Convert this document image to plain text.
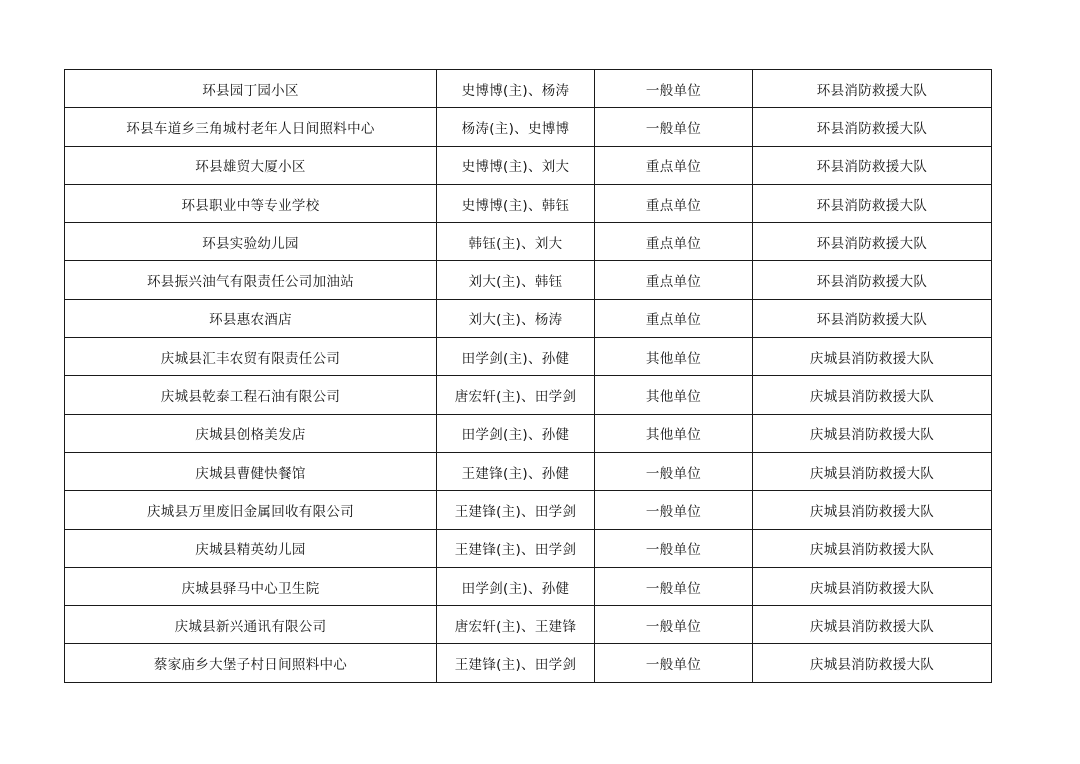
环县园丁园小区	史博博(主)、杨涛	一般单位	环县消防救援大队
环县车道乡三角城村老年人日间照料中心	杨涛(主)、史博博	一般单位	环县消防救援大队
环县雄贸大厦小区	史博博(主)、刘大	重点单位	环县消防救援大队
环县职业中等专业学校	史博博(主)、韩钰	重点单位	环县消防救援大队
环县实验幼儿园	韩钰(主)、刘大	重点单位	环县消防救援大队
环县振兴油气有限责任公司加油站	刘大(主)、韩钰	重点单位	环县消防救援大队
环县惠农酒店	刘大(主)、杨涛	重点单位	环县消防救援大队
庆城县汇丰农贸有限责任公司	田学剑(主)、孙健	其他单位	庆城县消防救援大队
庆城县乾泰工程石油有限公司	唐宏轩(主)、田学剑	其他单位	庆城县消防救援大队
庆城县创格美发店	田学剑(主)、孙健	其他单位	庆城县消防救援大队
庆城县曹健快餐馆	王建锋(主)、孙健	一般单位	庆城县消防救援大队
庆城县万里废旧金属回收有限公司	王建锋(主)、田学剑	一般单位	庆城县消防救援大队
庆城县精英幼儿园	王建锋(主)、田学剑	一般单位	庆城县消防救援大队
庆城县驿马中心卫生院	田学剑(主)、孙健	一般单位	庆城县消防救援大队
庆城县新兴通讯有限公司	唐宏轩(主)、王建锋	一般单位	庆城县消防救援大队
蔡家庙乡大堡子村日间照料中心	王建锋(主)、田学剑	一般单位	庆城县消防救援大队
